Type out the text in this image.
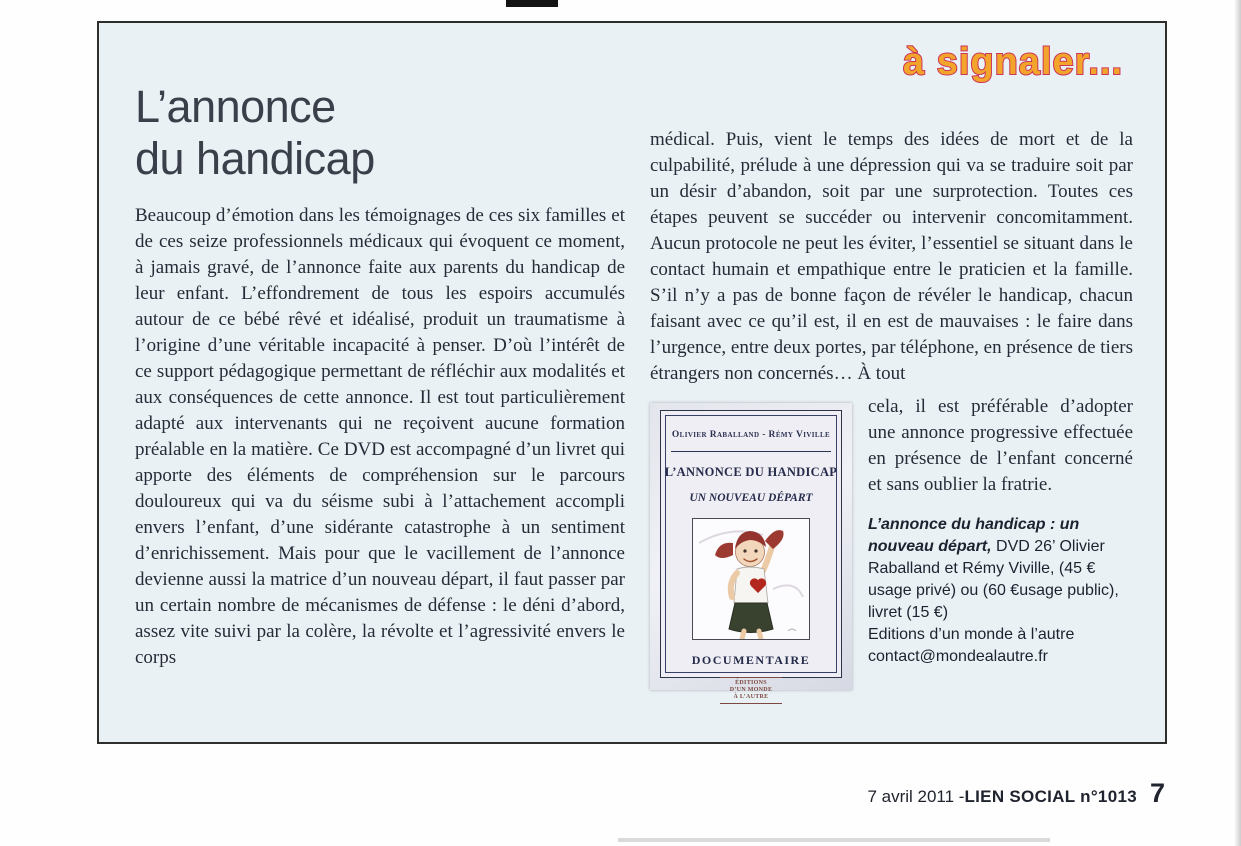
à signaler...
L’annonce
du handicap
Beaucoup d’émotion dans les témoignages de ces six familles et de ces seize professionnels médicaux qui évoquent ce moment, à jamais gravé, de l’annonce faite aux parents du handicap de leur enfant. L’effondrement de tous les espoirs accumulés autour de ce bébé rêvé et idéalisé, produit un traumatisme à l’origine d’une véritable incapacité à penser. D’où l’intérêt de ce support pédagogique permettant de réfléchir aux modalités et aux conséquences de cette annonce. Il est tout particulièrement adapté aux intervenants qui ne reçoivent aucune formation préalable en la matière. Ce DVD est accompagné d’un livret qui apporte des éléments de compréhension sur le parcours douloureux qui va du séisme subi à l’attachement accompli envers l’enfant, d’une sidérante catastrophe à un sentiment d’enrichissement. Mais pour que le vacillement de l’annonce devienne aussi la matrice d’un nouveau départ, il faut passer par un certain nombre de mécanismes de défense : le déni d’abord, assez vite suivi par la colère, la révolte et l’agressivité envers le corps

médical. Puis, vient le temps des idées de mort et de la culpabilité, prélude à une dépression qui va se traduire soit par un désir d’abandon, soit par une surprotection. Toutes ces étapes peuvent se succéder ou intervenir concomitamment. Aucun protocole ne peut les éviter, l’essentiel se situant dans le contact humain et empathique entre le praticien et la famille. S’il n’y a pas de bonne façon de révéler le handicap, chacun faisant avec ce qu’il est, il en est de mauvaises : le faire dans l’urgence, entre deux portes, par téléphone, en présence de tiers étrangers non concernés… À tout

Olivier Raballand - Rémy Viville
L’ANNONCE DU HANDICAP
UN NOUVEAU DÉPART
DOCUMENTAIRE
ÉDITIONS
D’UN MONDE
À L’AUTRE

cela, il est préférable d’adopter une annonce progressive effectuée en présence de l’enfant concerné et sans oublier la fratrie.

L’annonce du handicap : un nouveau départ, DVD 26’ Olivier Raballand et Rémy Viville, (45 € usage privé) ou (60 €usage public), livret (15 €)

Editions d’un monde à l’autre
contact@mondealautre.fr
7 avril 2011 - LIEN SOCIAL n°1013 7
